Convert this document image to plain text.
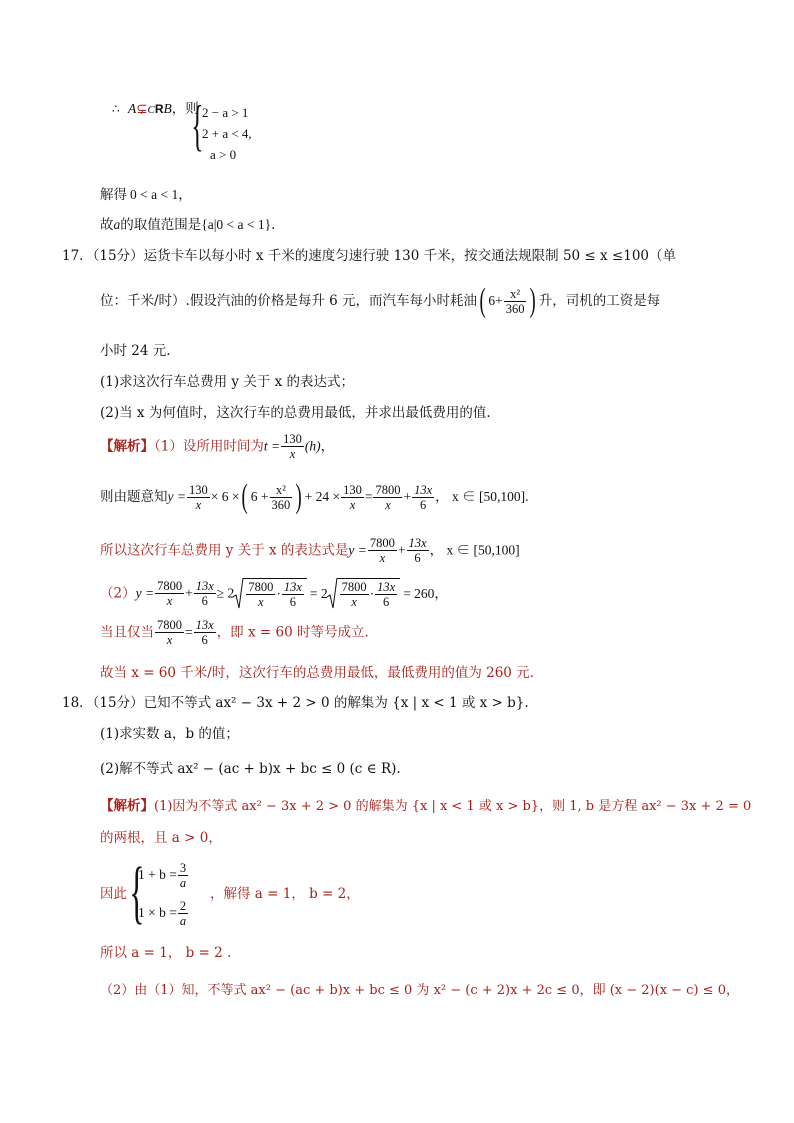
∴ A⊊CRB，则
{
2 − a > 1
2 + a < 4,
a > 0
解得 0 < a < 1，
故a的取值范围是{a|0 < a < 1}.
17．（15分）运货卡车以每小时 x 千米的速度匀速行驶 130 千米，按交通法规限制 50 ≤ x ≤100（单
位：千米/时）.假设汽油的价格是每升 6 元，而汽车每小时耗油( $6+ \frac{\text{x²}}{360}$ ) 升，司机的工资是每
小时 24 元.
(1)求这次行车总费用 y 关于 x 的表达式；
(2)当 x 为何值时，这次行车的总费用最低，并求出最低费用的值.
【解析】（1）设所用时间为$t = \frac{130}{x} (h)$，
则由题意知$y = \frac{130}{x} \times 6$ ×( $6 + \frac{\text{x²}}{360}$ ) + $24 \times \frac{130}{x} = \frac{7800}{x} + \frac{13x}{6}$ ， x ∈ [50,100].
所以这次行车总费用 y 关于 x 的表达式是$y = \frac{7800}{x} + \frac{13x}{6}$ ， x ∈ [50,100]
$(2)y = \frac{7800}{x} + \frac{13x}{6} \ge 2 \frac{7800}{x} \cdot \frac{13x}{6} = 2 \frac{7800}{x} \cdot \frac{13x}{6} = 260$，
当且仅当 $\frac{7800}{x} = \frac{13x}{6}$ ，即 x = 60 时等号成立.
故当 x = 60 千米/时，这次行车的总费用最低，最低费用的值为 260 元.
18．（15分）已知不等式 ax² − 3x + 2 > 0 的解集为 {x | x < 1 或 x > b}.
(1)求实数 a，b 的值；
(2)解不等式 ax² − (ac + b)x + bc ≤ 0 (c ∈ R).
【解析】(1)因为不等式 ax² − 3x + 2 > 0 的解集为 {x | x < 1 或 x > b}，则 1, b 是方程 ax² − 3x + 2 = 0
的两根，且 a > 0，
因此 {
$1 + b = \frac{3}{a}$
$1 \times b = \frac{2}{a}$
，解得 a = 1， b = 2，
所以 a = 1， b = 2 .
（2）由（1）知，不等式 ax² − (ac + b)x + bc ≤ 0 为 x² − (c + 2)x + 2c ≤ 0，即 (x − 2)(x − c) ≤ 0，
